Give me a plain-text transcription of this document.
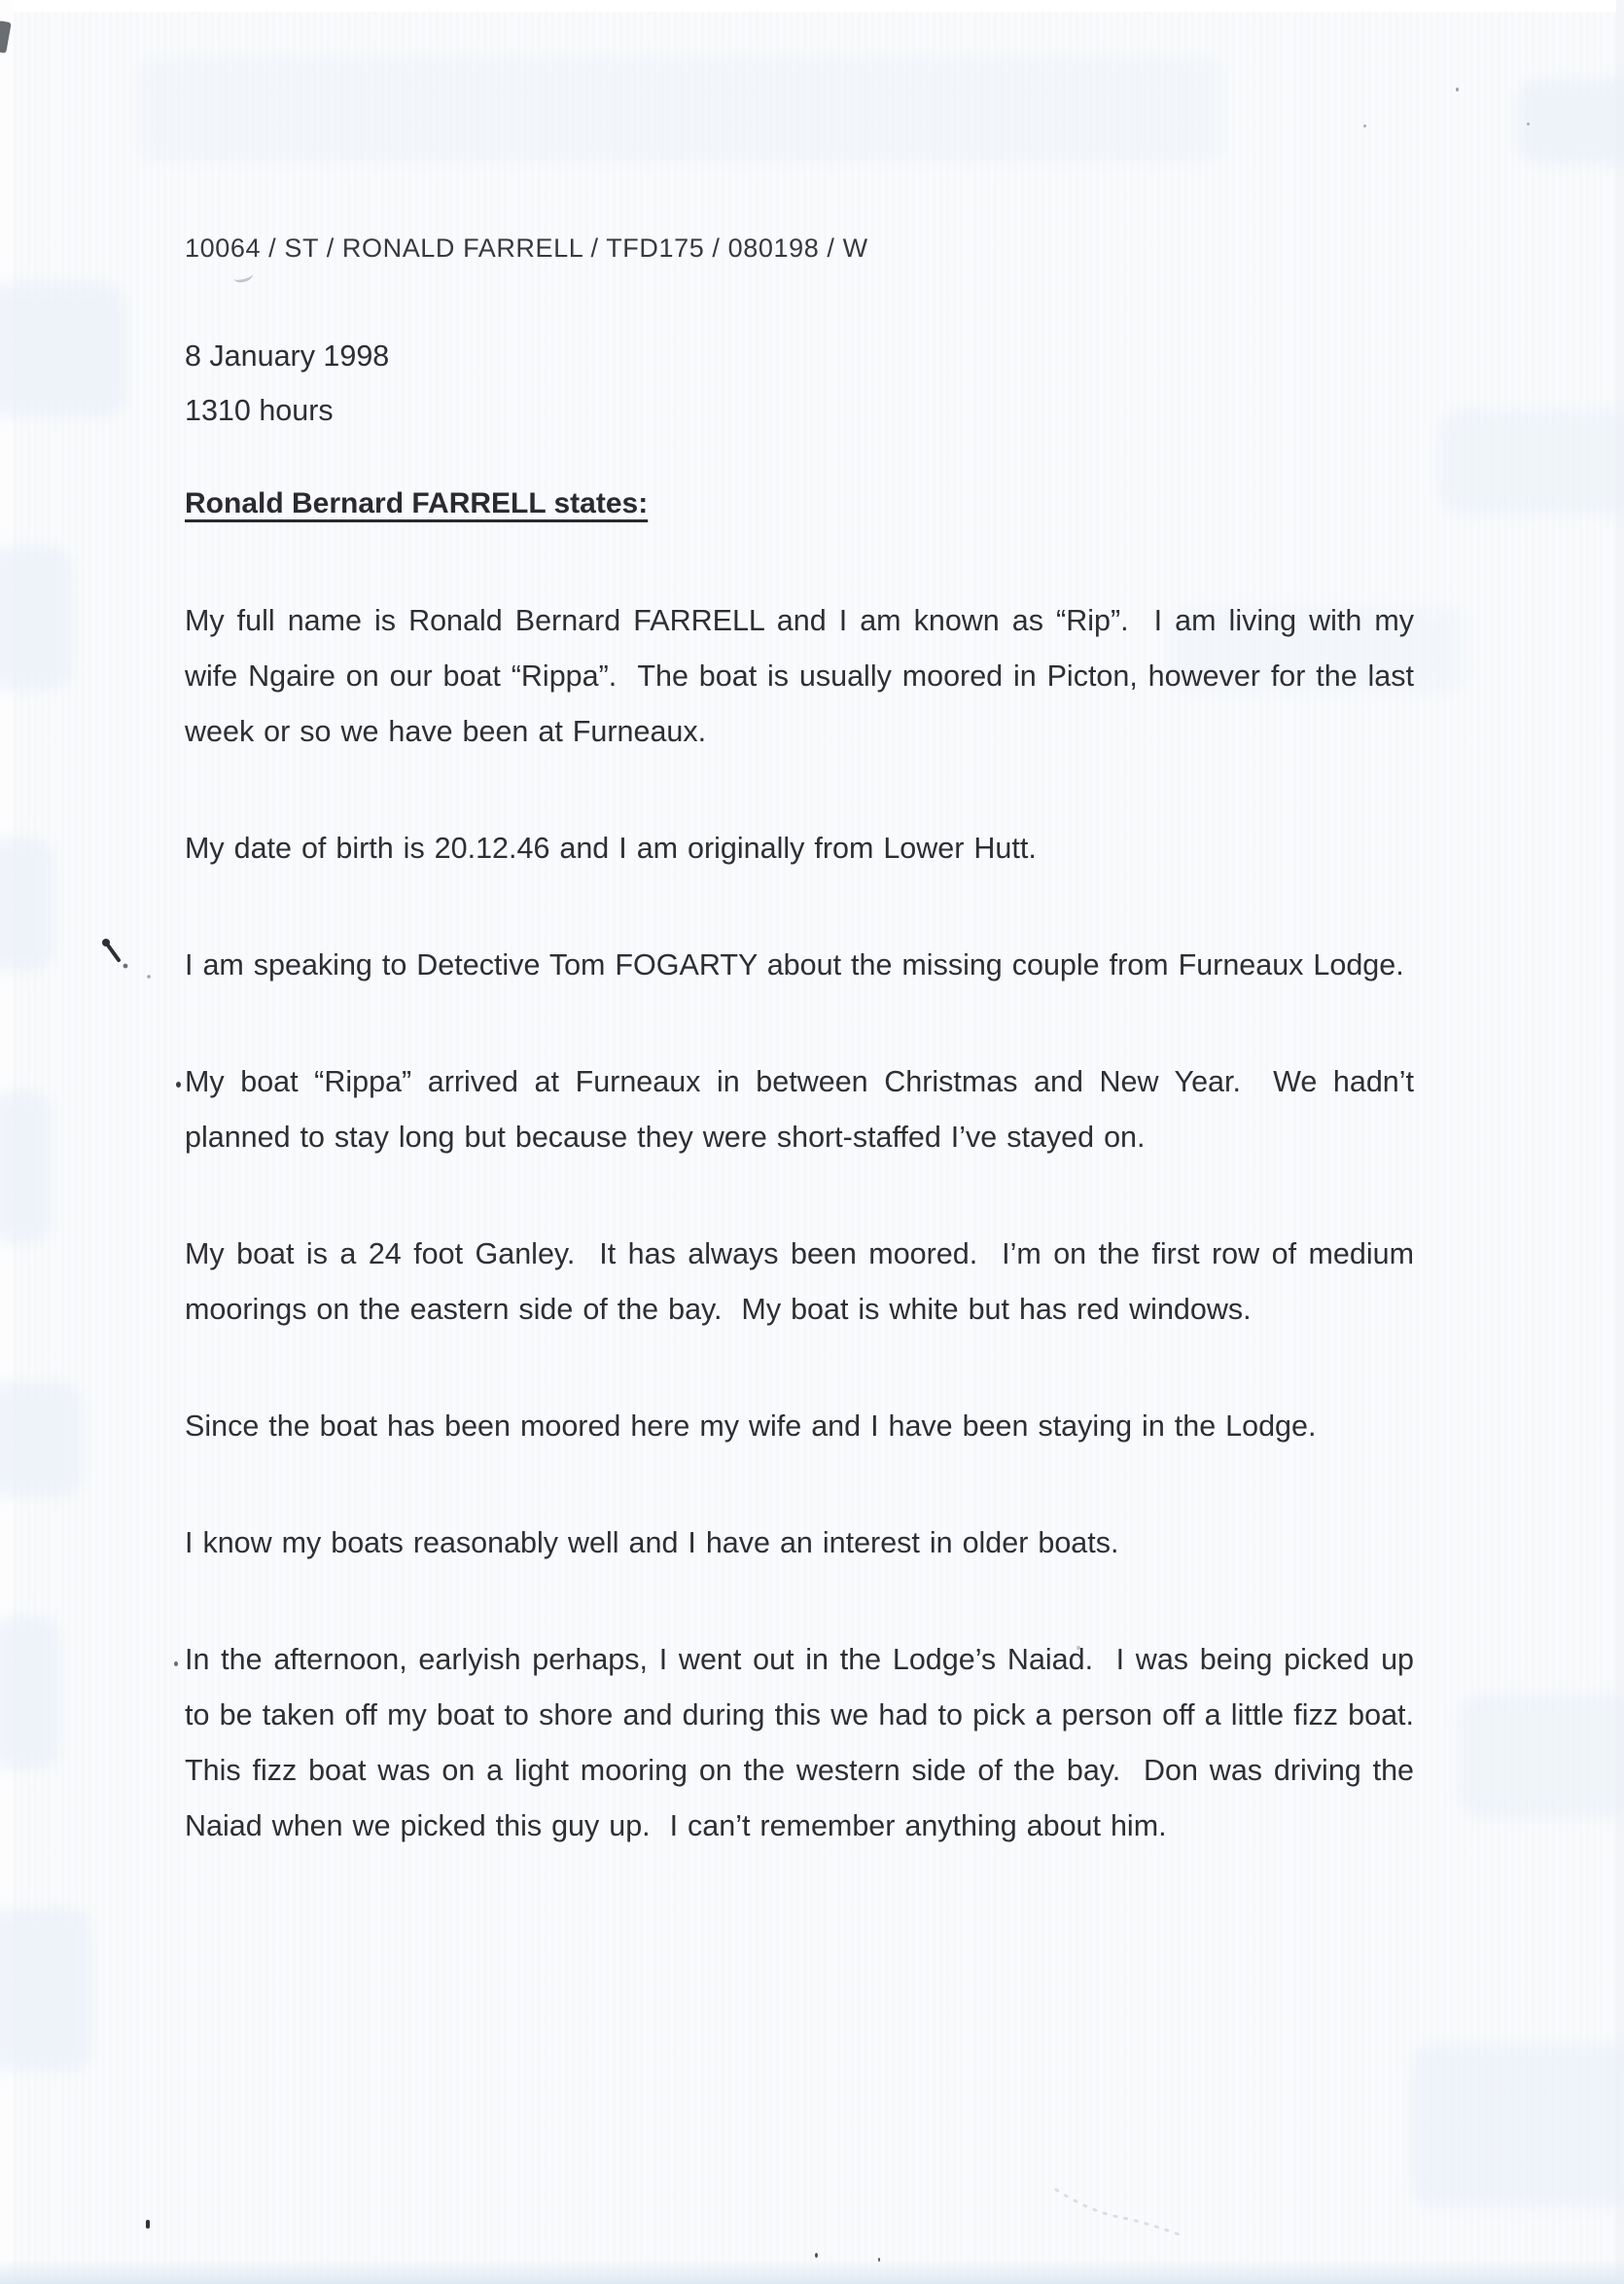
10064 / ST / RONALD FARRELL / TFD175 / 080198 / W
8 January 1998
1310 hours
Ronald Bernard FARRELL states:

My full name is Ronald Bernard FARRELL and I am known as “Rip”.  I am living with my wife Ngaire on our boat “Rippa”.  The boat is usually moored in Picton, however for the last week or so we have been at Furneaux.

My date of birth is 20.12.46 and I am originally from Lower Hutt.

I am speaking to Detective Tom FOGARTY about the missing couple from Furneaux Lodge.

My boat “Rippa” arrived at Furneaux in between Christmas and New Year.  We hadn’t planned to stay long but because they were short-staffed I’ve stayed on.

My boat is a 24 foot Ganley.  It has always been moored.  I’m on the first row of medium moorings on the eastern side of the bay.  My boat is white but has red windows.

Since the boat has been moored here my wife and I have been staying in the Lodge.

I know my boats reasonably well and I have an interest in older boats.

In the afternoon, earlyish perhaps, I went out in the Lodge’s Naiad.  I was being picked up to be taken off my boat to shore and during this we had to pick a person off a little fizz boat.  This fizz boat was on a light mooring on the western side of the bay.  Don was driving the Naiad when we picked this guy up.  I can’t remember anything about him.
